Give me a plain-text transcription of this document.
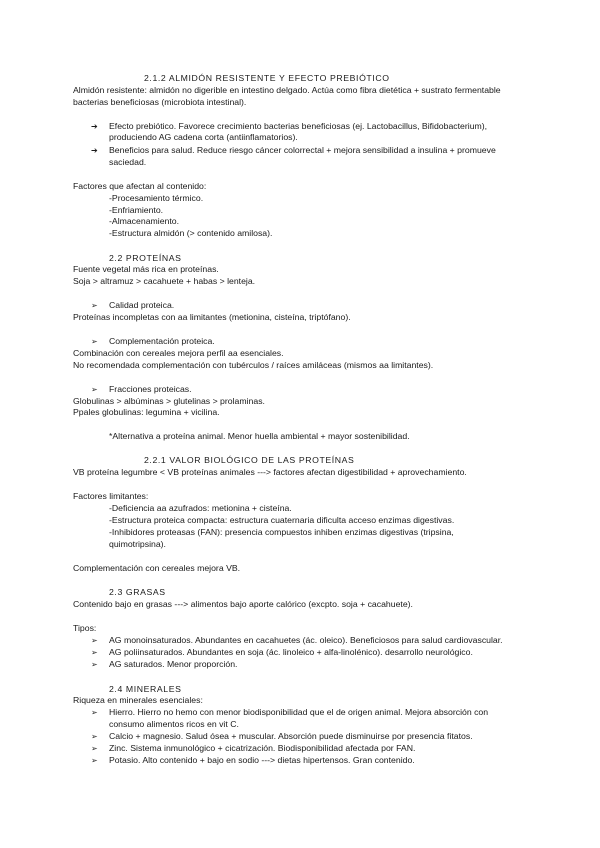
2.1.2 ALMIDÓN RESISTENTE Y EFECTO PREBIÓTICO
Almidón resistente: almidón no digerible en intestino delgado. Actúa como fibra dietética + sustrato fermentable
bacterias beneficiosas (microbiota intestinal).
➔ Efecto prebiótico. Favorece crecimiento bacterias beneficiosas (ej. Lactobacillus, Bifidobacterium),
produciendo AG cadena corta (antiinflamatorios).
➔ Beneficios para salud. Reduce riesgo cáncer colorrectal + mejora sensibilidad a insulina + promueve
saciedad.
Factores que afectan al contenido:
-Procesamiento térmico.
-Enfriamiento.
-Almacenamiento.
-Estructura almidón (> contenido amilosa).
2.2 PROTEÍNAS
Fuente vegetal más rica en proteínas.
Soja > altramuz > cacahuete + habas > lenteja.
➢ Calidad proteica.
Proteínas incompletas con aa limitantes (metionina, cisteína, triptófano).
➢ Complementación proteica.
Combinación con cereales mejora perfil aa esenciales.
No recomendada complementación con tubérculos / raíces amiláceas (mismos aa limitantes).
➢ Fracciones proteicas.
Globulinas > albúminas > glutelinas > prolaminas.
Ppales globulinas: legumina + vicilina.
*Alternativa a proteína animal. Menor huella ambiental + mayor sostenibilidad.
2.2.1 VALOR BIOLÓGICO DE LAS PROTEÍNAS
VB proteína legumbre < VB proteínas animales ---> factores afectan digestibilidad + aprovechamiento.
Factores limitantes:
-Deficiencia aa azufrados: metionina + cisteína.
-Estructura proteica compacta: estructura cuaternaria dificulta acceso enzimas digestivas.
-Inhibidores proteasas (FAN): presencia compuestos inhiben enzimas digestivas (tripsina,
quimotripsina).
Complementación con cereales mejora VB.
2.3 GRASAS
Contenido bajo en grasas ---> alimentos bajo aporte calórico (excpto. soja + cacahuete).
Tipos:
➢ AG monoinsaturados. Abundantes en cacahuetes (ác. oleico). Beneficiosos para salud cardiovascular.
➢ AG poliinsaturados. Abundantes en soja (ác. linoleico + alfa-linolénico). desarrollo neurológico.
➢ AG saturados. Menor proporción.
2.4 MINERALES
Riqueza en minerales esenciales:
➢ Hierro. Hierro no hemo con menor biodisponibilidad que el de origen animal. Mejora absorción con
consumo alimentos ricos en vit C.
➢ Calcio + magnesio. Salud ósea + muscular. Absorción puede disminuirse por presencia fitatos.
➢ Zinc. Sistema inmunológico + cicatrización. Biodisponibilidad afectada por FAN.
➢ Potasio. Alto contenido + bajo en sodio ---> dietas hipertensos. Gran contenido.
